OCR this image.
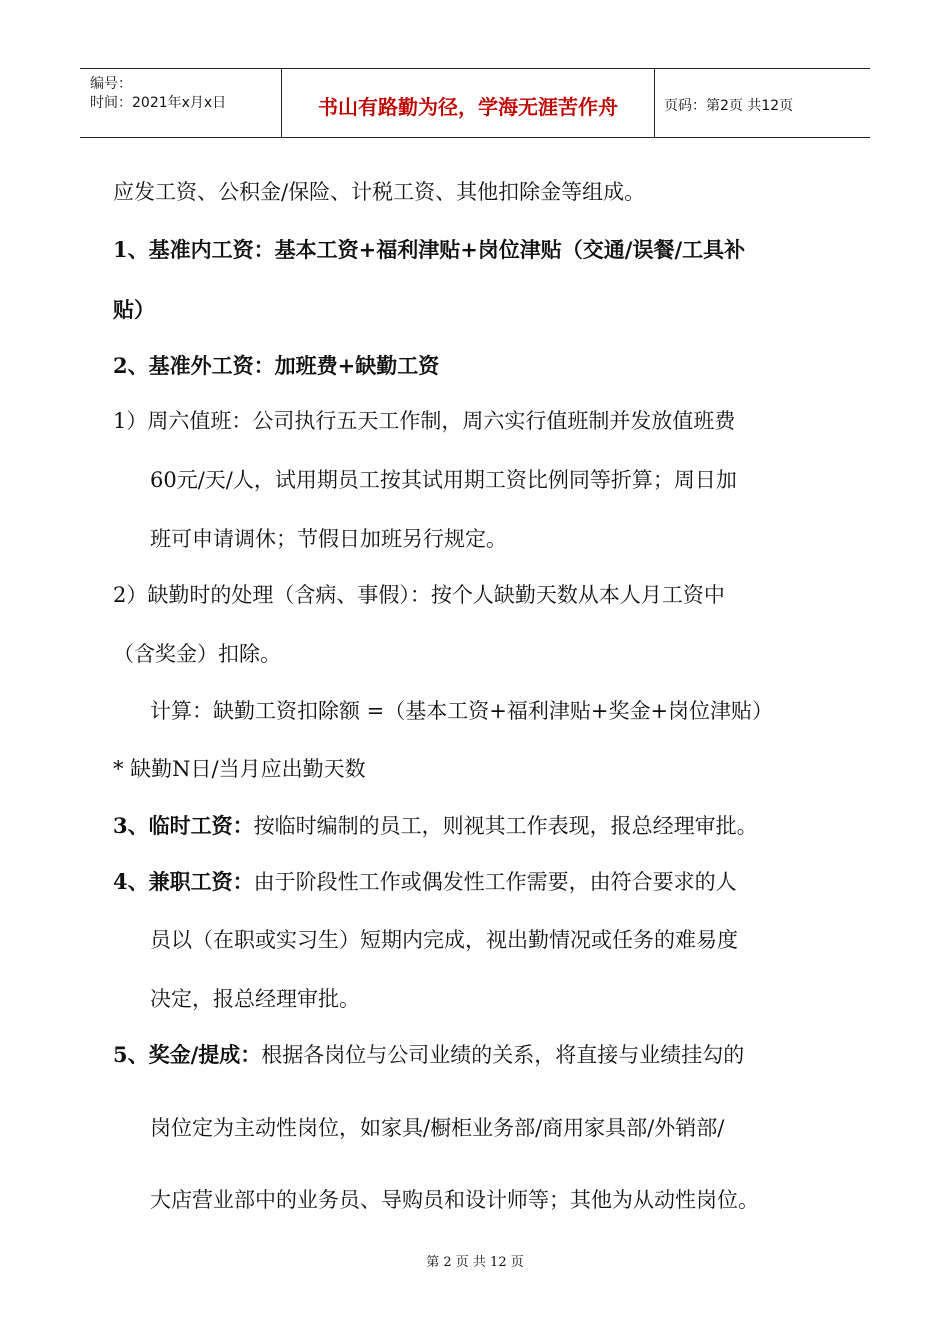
编号：
时间：2021年x月x日	书山有路勤为径，学海无涯苦作舟	页码：第2页 共12页
应发工资、公积金/保险、计税工资、其他扣除金等组成。
1、基准内工资：基本工资+福利津贴+岗位津贴（交通/误餐/工具补
贴）
2、基准外工资：加班费+缺勤工资
1）周六值班：公司执行五天工作制，周六实行值班制并发放值班费
60元/天/人，试用期员工按其试用期工资比例同等折算；周日加
班可申请调休；节假日加班另行规定。
2）缺勤时的处理（含病、事假）：按个人缺勤天数从本人月工资中
（含奖金）扣除。
计算：缺勤工资扣除额 =（基本工资+福利津贴+奖金+岗位津贴）
* 缺勤N日/当月应出勤天数
3、临时工资：按临时编制的员工，则视其工作表现，报总经理审批。
4、兼职工资：由于阶段性工作或偶发性工作需要，由符合要求的人
员以（在职或实习生）短期内完成，视出勤情况或任务的难易度
决定，报总经理审批。
5、奖金/提成：根据各岗位与公司业绩的关系，将直接与业绩挂勾的
岗位定为主动性岗位，如家具/橱柜业务部/商用家具部/外销部/
大店营业部中的业务员、导购员和设计师等；其他为从动性岗位。
第 2 页 共 12 页
